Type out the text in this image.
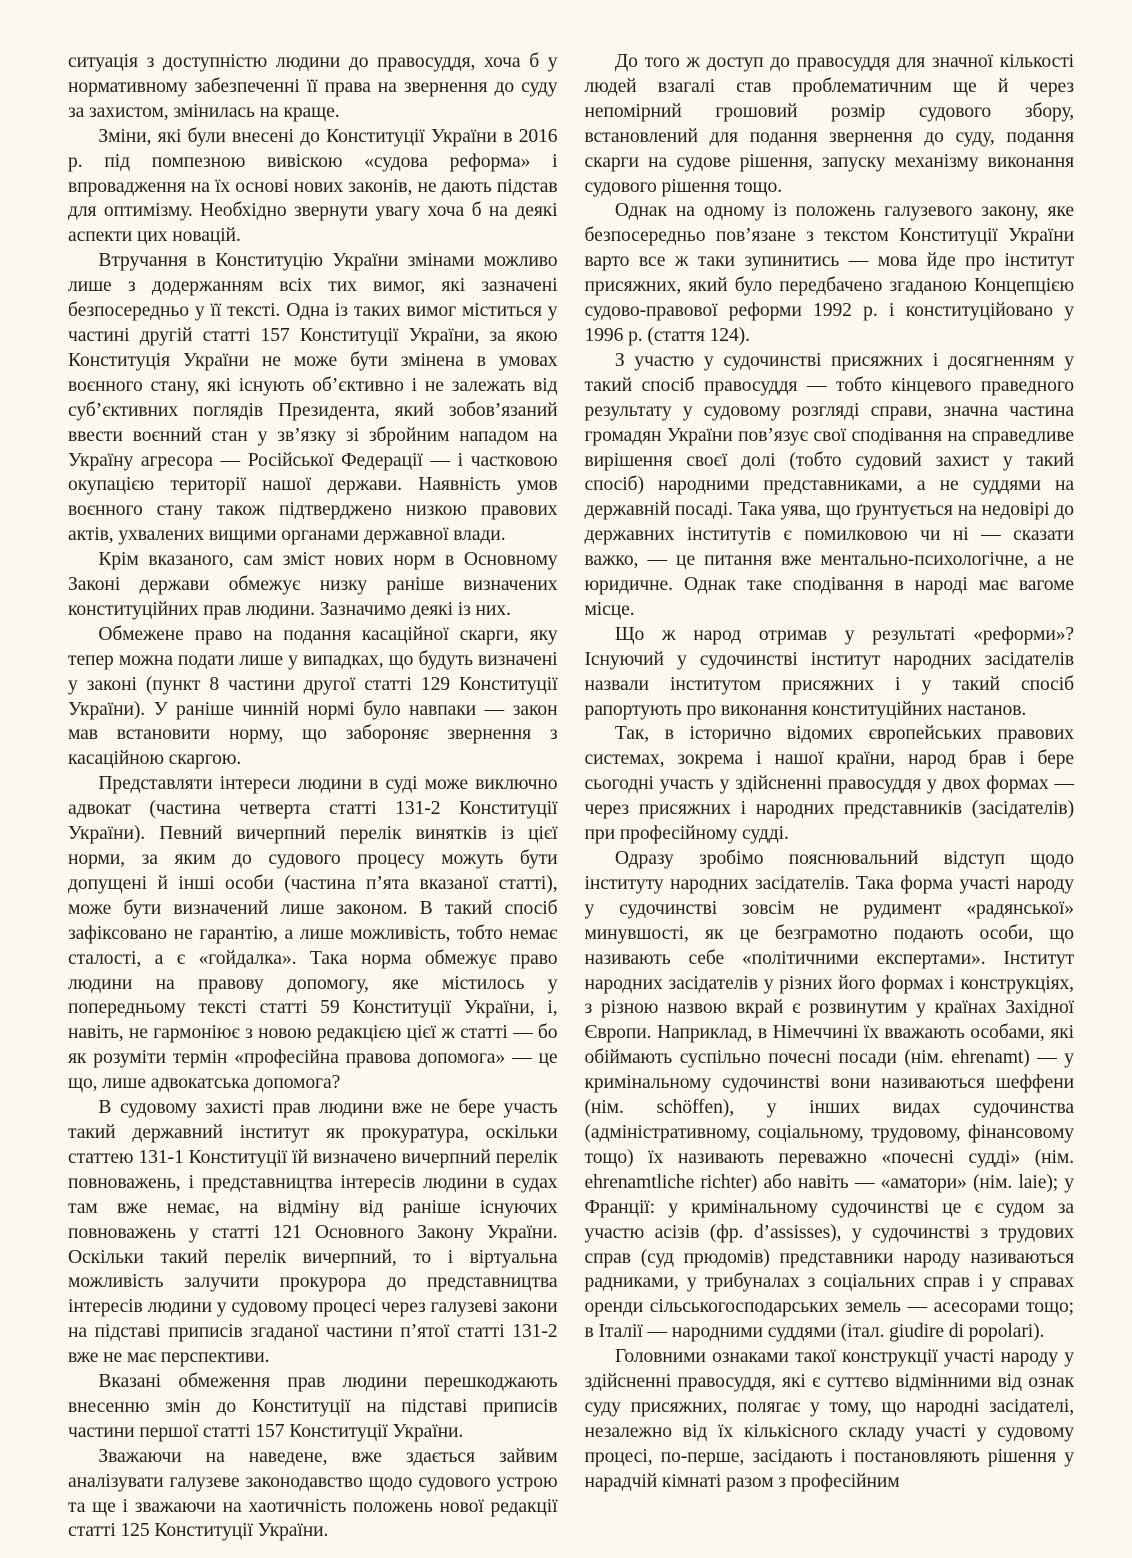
ситуація з доступністю людини до правосуддя, хоча б у нормативному забезпеченні її права на звернення до суду за захистом, змінилась на краще.

Зміни, які були внесені до Конституції України в 2016 р. під помпезною вивіскою «судова реформа» і впровадження на їх основі нових законів, не дають підстав для оптимізму. Необхідно звернути увагу хоча б на деякі аспекти цих новацій.

Втручання в Конституцію України змінами можливо лише з додержанням всіх тих вимог, які зазначені безпосередньо у її тексті. Одна із таких вимог міститься у частині другій статті 157 Конституції України, за якою Конституція України не може бути змінена в умовах воєнного стану, які існують об’єктивно і не залежать від суб’єктивних поглядів Президента, який зобов’язаний ввести воєнний стан у зв’язку зі збройним нападом на Україну агресора — Російської Федерації — і частковою окупацією території нашої держави. Наявність умов воєнного стану також підтверджено низкою правових актів, ухвалених вищими органами державної влади.

Крім вказаного, сам зміст нових норм в Основному Законі держави обмежує низку раніше визначених конституційних прав людини. Зазначимо деякі із них.

Обмежене право на подання касаційної скарги, яку тепер можна подати лише у випадках, що будуть визначені у законі (пункт 8 частини другої статті 129 Конституції України). У раніше чинній нормі було навпаки — закон мав встановити норму, що забороняє звернення з касаційною скаргою.

Представляти інтереси людини в суді може виключно адвокат (частина четверта статті 131-2 Конституції України). Певний вичерпний перелік винятків із цієї норми, за яким до судового процесу можуть бути допущені й інші особи (частина п’ята вказаної статті), може бути визначений лише законом. В такий спосіб зафіксовано не гарантію, а лише можливість, тобто немає сталості, а є «гойдалка». Така норма обмежує право людини на правову допомогу, яке містилось у попередньому тексті статті 59 Конституції України, і, навіть, не гармоніює з новою редакцією цієї ж статті — бо як розуміти термін «професійна правова допомога» — це що, лише адвокатська допомога?

В судовому захисті прав людини вже не бере участь такий державний інститут як прокуратура, оскільки статтею 131-1 Конституції їй визначено вичерпний перелік повноважень, і представництва інтересів людини в судах там вже немає, на відміну від раніше існуючих повноважень у статті 121 Основного Закону України. Оскільки такий перелік вичерпний, то і віртуальна можливість залучити прокурора до представництва інтересів людини у судовому процесі через галузеві закони на підставі приписів згаданої частини п’ятої статті 131-2 вже не має перспективи.

Вказані обмеження прав людини перешкоджають внесенню змін до Конституції на підставі приписів частини першої статті 157 Конституції України.

Зважаючи на наведене, вже здається зайвим аналізувати галузеве законодавство щодо судового устрою та ще і зважаючи на хаотичність положень нової редакції статті 125 Конституції України.

До того ж доступ до правосуддя для значної кількості людей взагалі став проблематичним ще й через непомірний грошовий розмір судового збору, встановлений для подання звернення до суду, подання скарги на судове рішення, запуску механізму виконання судового рішення тощо.

Однак на одному із положень галузевого закону, яке безпосередньо пов’язане з текстом Конституції України варто все ж таки зупинитись — мова йде про інститут присяжних, який було передбачено згаданою Концепцією судово-правової реформи 1992 р. і конституційовано у 1996 р. (стаття 124).

З участю у судочинстві присяжних і досягненням у такий спосіб правосуддя — тобто кінцевого праведного результату у судовому розгляді справи, значна частина громадян України пов’язує свої сподівання на справедливе вирішення своєї долі (тобто судовий захист у такий спосіб) народними представниками, а не суддями на державній посаді. Така уява, що ґрунтується на недовірі до державних інститутів є помилковою чи ні — сказати важко, — це питання вже ментально-психологічне, а не юридичне. Однак таке сподівання в народі має вагоме місце.

Що ж народ отримав у результаті «реформи»? Існуючий у судочинстві інститут народних засідателів назвали інститутом присяжних і у такий спосіб рапортують про виконання конституційних настанов.

Так, в історично відомих європейських правових системах, зокрема і нашої країни, народ брав і бере сьогодні участь у здійсненні правосуддя у двох формах — через присяжних і народних представників (засідателів) при професійному судді.

Одразу зробімо пояснювальний відступ щодо інституту народних засідателів. Така форма участі народу у судочинстві зовсім не рудимент «радянської» минувшості, як це безграмотно подають особи, що називають себе «політичними експертами». Інститут народних засідателів у різних його формах і конструкціях, з різною назвою вкрай є розвинутим у країнах Західної Європи. Наприклад, в Німеччині їх вважають особами, які обіймають суспільно почесні посади (нім. ehrenamt) — у кримінальному судочинстві вони називаються шеффени (нім. schöffen), у інших видах судочинства (адміністративному, соціальному, трудовому, фінансовому тощо) їх називають переважно «почесні судді» (нім. ehrenamtliche richter) або навіть — «аматори» (нім. laie); у Франції: у кримінальному судочинстві це є судом за участю асізів (фр. d’assisses), у судочинстві з трудових справ (суд прюдомів) представники народу називаються радниками, у трибуналах з соціальних справ і у справах оренди сільськогосподарських земель — асесорами тощо; в Італії — народними суддями (італ. giudire di popolari).

Головними ознаками такої конструкції участі народу у здійсненні правосуддя, які є суттєво відмінними від ознак суду присяжних, полягає у тому, що народні засідателі, незалежно від їх кількісного складу участі у судовому процесі, по-перше, засідають і постановляють рішення у нарадчій кімнаті разом з професійним
